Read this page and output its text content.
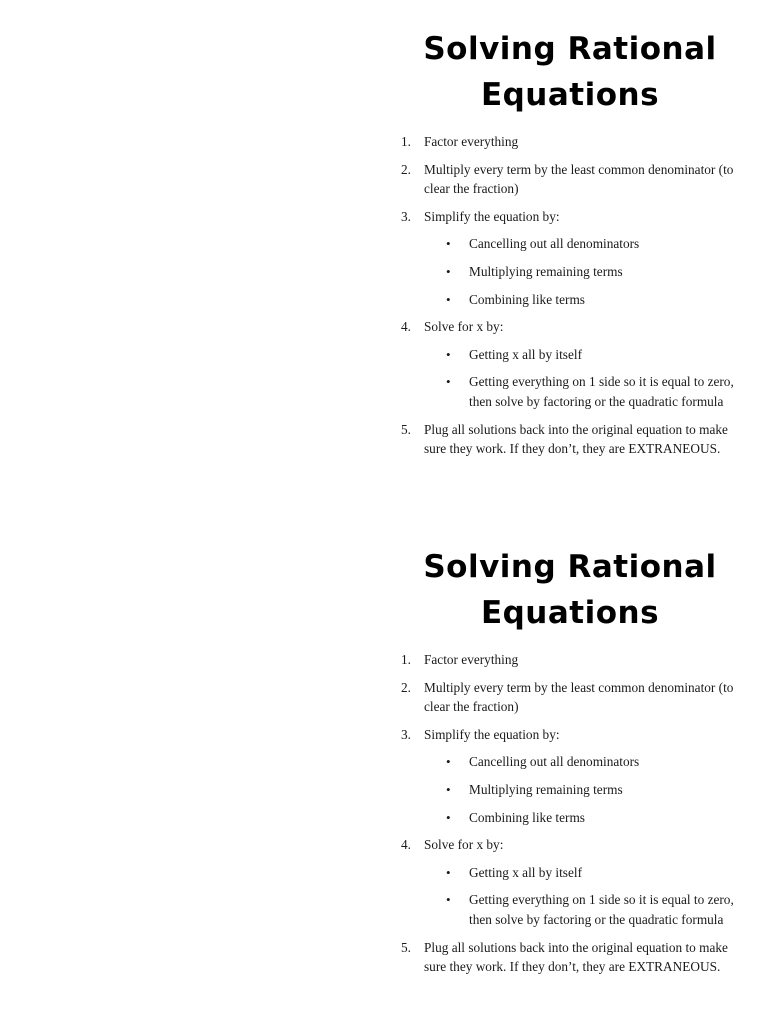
Solving Rational
Equations
1. Factor everything
2. Multiply every term by the least common denominator (to clear the fraction)
3. Simplify the equation by:
• Cancelling out all denominators
• Multiplying remaining terms
• Combining like terms
4. Solve for x by:
• Getting x all by itself
• Getting everything on 1 side so it is equal to zero, then solve by factoring or the quadratic formula
5. Plug all solutions back into the original equation to make sure they work. If they don’t, they are EXTRANEOUS.
Solving Rational
Equations
1. Factor everything
2. Multiply every term by the least common denominator (to clear the fraction)
3. Simplify the equation by:
• Cancelling out all denominators
• Multiplying remaining terms
• Combining like terms
4. Solve for x by:
• Getting x all by itself
• Getting everything on 1 side so it is equal to zero, then solve by factoring or the quadratic formula
5. Plug all solutions back into the original equation to make sure they work. If they don’t, they are EXTRANEOUS.
